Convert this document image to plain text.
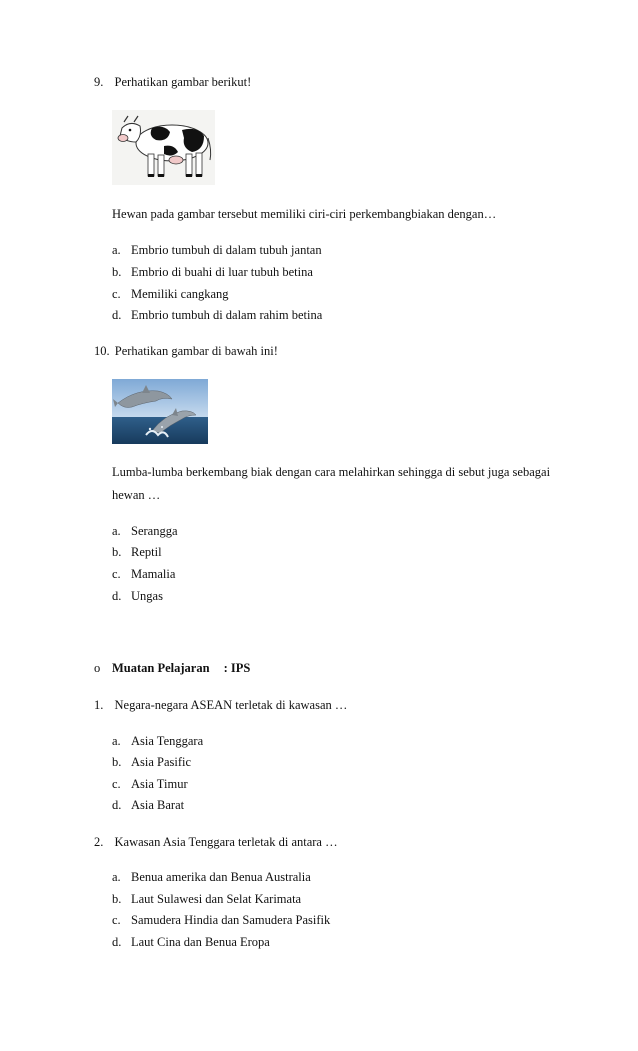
9. Perhatikan gambar berikut!
Hewan pada gambar tersebut memiliki ciri-ciri perkembangbiakan dengan…
a. Embrio tumbuh di dalam tubuh jantan
b. Embrio di buahi di luar tubuh betina
c. Memiliki cangkang
d. Embrio tumbuh di dalam rahim betina
10. Perhatikan gambar di bawah ini!
Lumba-lumba berkembang biak dengan cara melahirkan sehingga di sebut juga sebagai
hewan …
a. Serangga
b. Reptil
c. Mamalia
d. Ungas
o Muatan Pelajaran : IPS
1. Negara-negara ASEAN terletak di kawasan …
a. Asia Tenggara
b. Asia Pasific
c. Asia Timur
d. Asia Barat
2. Kawasan Asia Tenggara terletak di antara …
a. Benua amerika dan Benua Australia
b. Laut Sulawesi dan Selat Karimata
c. Samudera Hindia dan Samudera Pasifik
d. Laut Cina dan Benua Eropa
